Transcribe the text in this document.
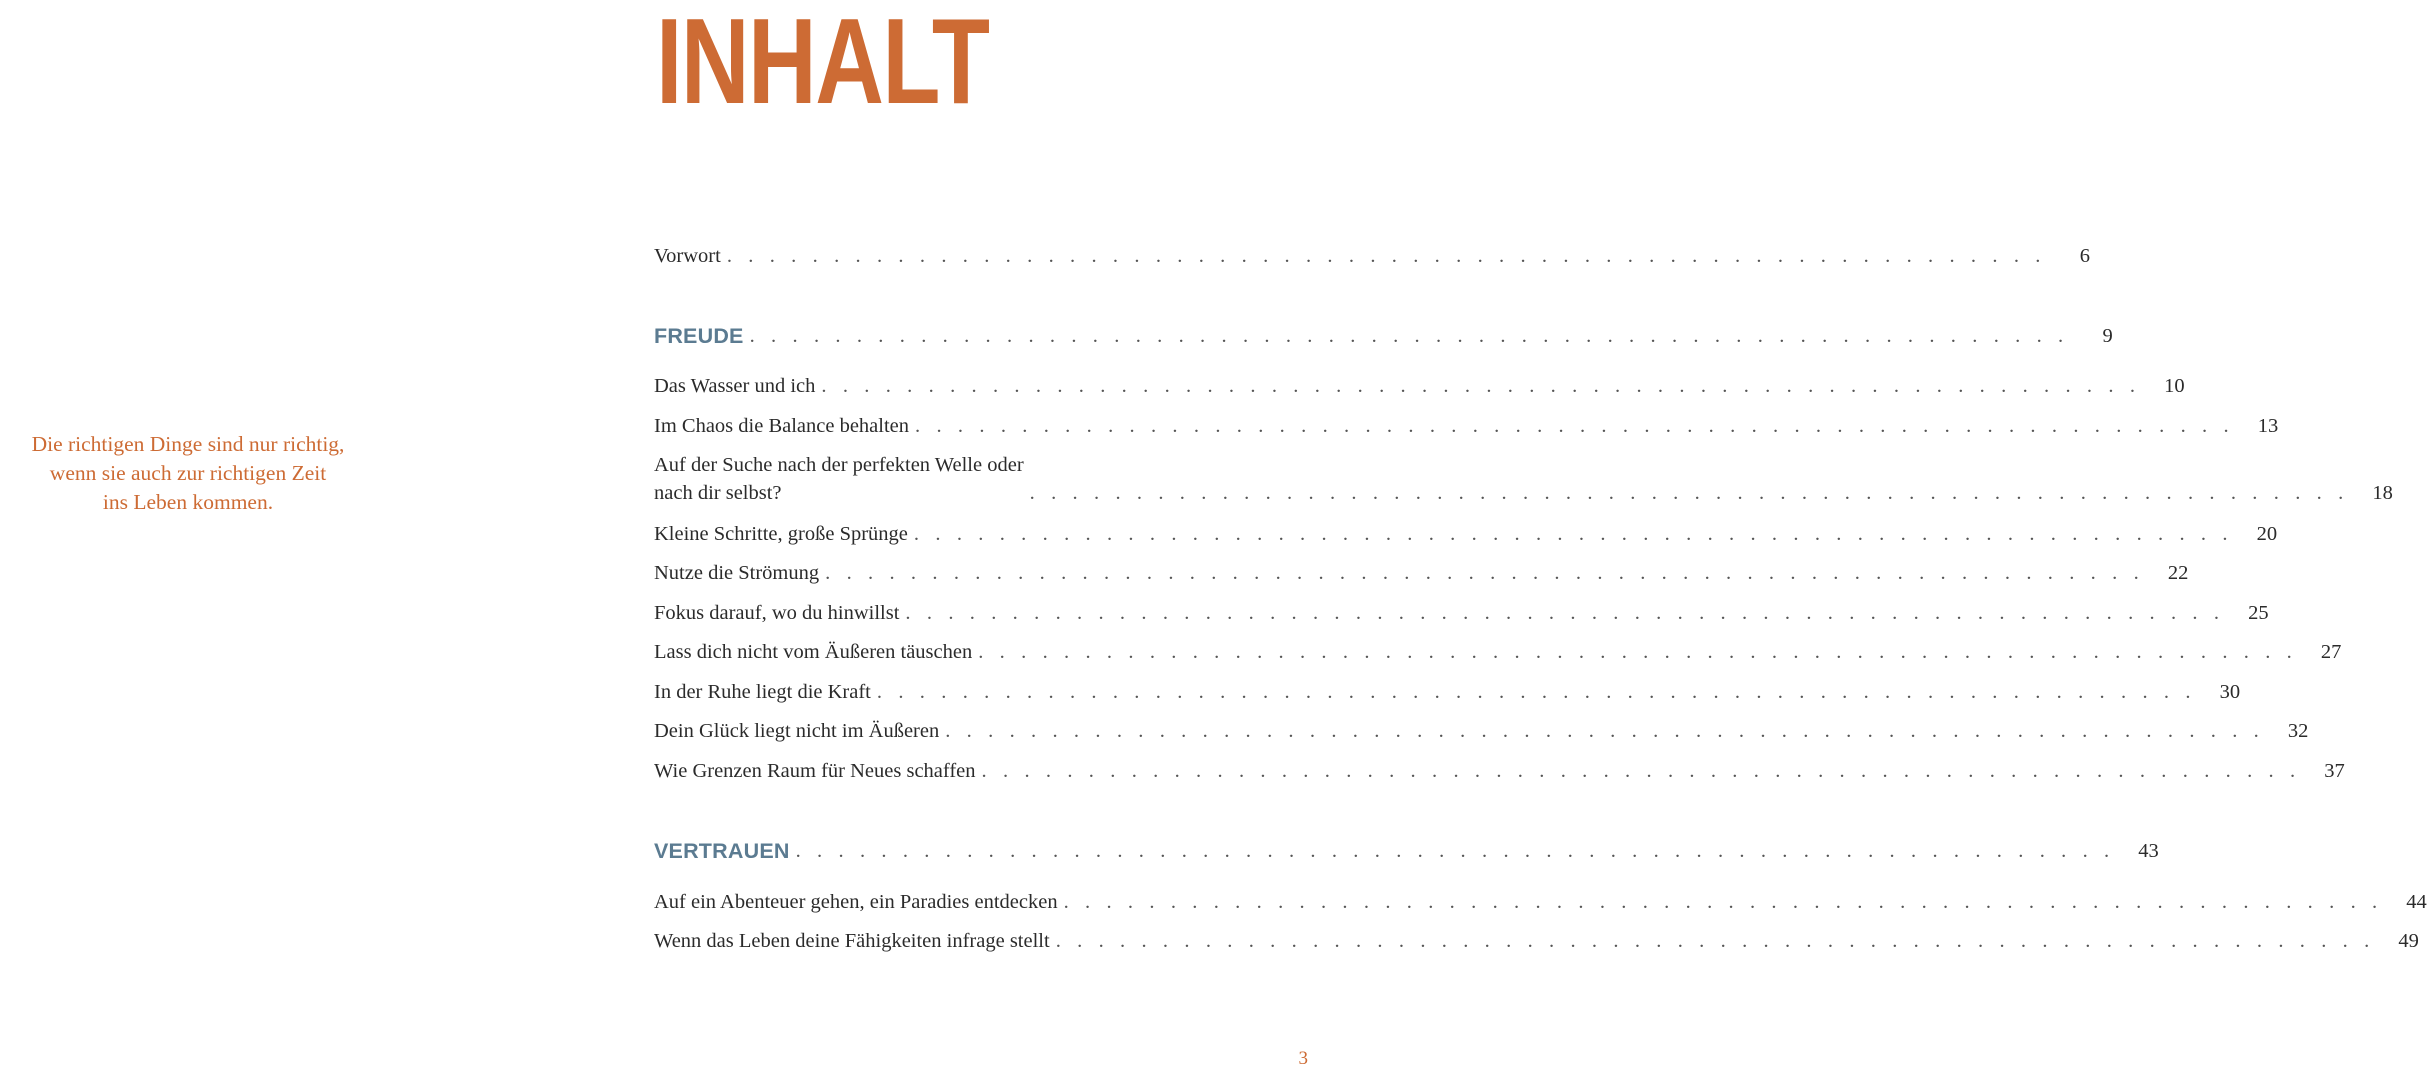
INHALT
Die richtigen Dinge sind nur richtig,
wenn sie auch zur richtigen Zeit
ins Leben kommen.
Vorwort . . . . . . . . . . . . . . . . . . . . . . . . . . . . . . . . . . . . . . . . . . . . . . . . . . . . . . . . . . . . . .	6
FREUDE . . . . . . . . . . . . . . . . . . . . . . . . . . . . . . . . . . . . . . . . . . . . . . . . . . . . . . . . . . . . . .	9
Das Wasser und ich . . . . . . . . . . . . . . . . . . . . . . . . . . . . . . . . . . . . . . . . . . . . . . . . . . . . . . . . . . . . . .	10
Im Chaos die Balance behalten . . . . . . . . . . . . . . . . . . . . . . . . . . . . . . . . . . . . . . . . . . . . . . . . . . . . . . . . . . . . . .	13
Auf der Suche nach der perfekten Welle oder
nach dir selbst?	. . . . . . . . . . . . . . . . . . . . . . . . . . . . . . . . . . . . . . . . . . . . . . . . . . . . . . . . . . . . . .	18
Kleine Schritte, große Sprünge . . . . . . . . . . . . . . . . . . . . . . . . . . . . . . . . . . . . . . . . . . . . . . . . . . . . . . . . . . . . . .	20
Nutze die Strömung . . . . . . . . . . . . . . . . . . . . . . . . . . . . . . . . . . . . . . . . . . . . . . . . . . . . . . . . . . . . . .	22
Fokus darauf, wo du hinwillst . . . . . . . . . . . . . . . . . . . . . . . . . . . . . . . . . . . . . . . . . . . . . . . . . . . . . . . . . . . . . .	25
Lass dich nicht vom Äußeren täuschen . . . . . . . . . . . . . . . . . . . . . . . . . . . . . . . . . . . . . . . . . . . . . . . . . . . . . . . . . . . . . .	27
In der Ruhe liegt die Kraft . . . . . . . . . . . . . . . . . . . . . . . . . . . . . . . . . . . . . . . . . . . . . . . . . . . . . . . . . . . . . .	30
Dein Glück liegt nicht im Äußeren . . . . . . . . . . . . . . . . . . . . . . . . . . . . . . . . . . . . . . . . . . . . . . . . . . . . . . . . . . . . . .	32
Wie Grenzen Raum für Neues schaffen . . . . . . . . . . . . . . . . . . . . . . . . . . . . . . . . . . . . . . . . . . . . . . . . . . . . . . . . . . . . . .	37
VERTRAUEN . . . . . . . . . . . . . . . . . . . . . . . . . . . . . . . . . . . . . . . . . . . . . . . . . . . . . . . . . . . . . .	43
Auf ein Abenteuer gehen, ein Paradies entdecken . . . . . . . . . . . . . . . . . . . . . . . . . . . . . . . . . . . . . . . . . . . . . . . . . . . . . . . . . . . . . .	44
Wenn das Leben deine Fähigkeiten infrage stellt . . . . . . . . . . . . . . . . . . . . . . . . . . . . . . . . . . . . . . . . . . . . . . . . . . . . . . . . . . . . . .	49
3
